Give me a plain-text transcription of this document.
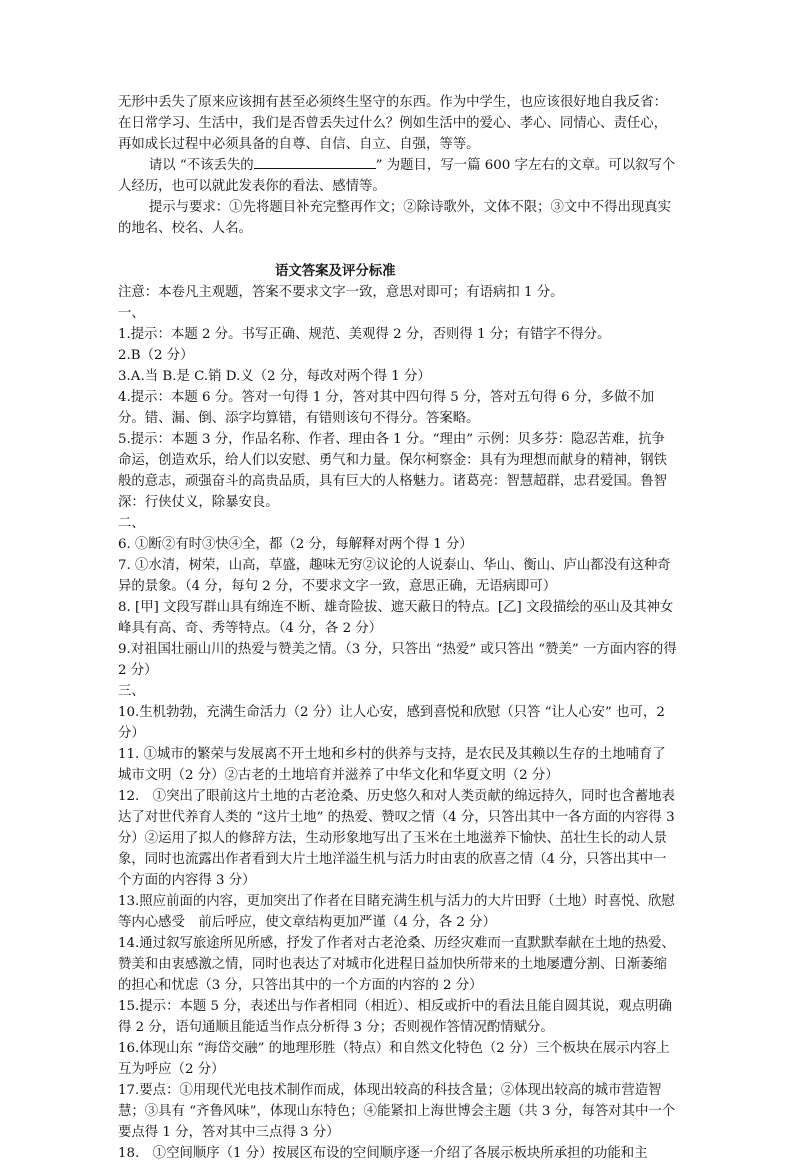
无形中丢失了原来应该拥有甚至必须终生坚守的东西。作为中学生，也应该很好地自我反省：在日常学习、生活中，我们是否曾丢失过什么？例如生活中的爱心、孝心、同情心、责任心，再如成长过程中必须具备的自尊、自信、自立、自强，等等。

请以 “不该丢失的	” 为题目，写一篇 600 字左右的文章。可以叙写个人经历，也可以就此发表你的看法、感情等。

提示与要求：①先将题目补充完整再作文；②除诗歌外，文体不限；③文中不得出现真实的地名、校名、人名。

语文答案及评分标准

注意：本卷凡主观题，答案不要求文字一致，意思对即可；有语病扣 1 分。

一、

1.提示：本题 2 分。书写正确、规范、美观得 2 分，否则得 1 分；有错字不得分。

2.B（2 分）

3.A.当 B.是 C.销 D.义（2 分，每改对两个得 1 分）

4.提示：本题 6 分。答对一句得 1 分，答对其中四句得 5 分，答对五句得 6 分，多做不加分。错、漏、倒、添字均算错，有错则该句不得分。答案略。

5.提示：本题 3 分，作品名称、作者、理由各 1 分。“理由” 示例：贝多芬：隐忍苦难，抗争命运，创造欢乐，给人们以安慰、勇气和力量。保尔柯察金：具有为理想而献身的精神，钢铁般的意志，顽强奋斗的高贵品质，具有巨大的人格魅力。诸葛亮：智慧超群，忠君爱国。鲁智深：行侠仗义，除暴安良。

二、

6. ①断②有时③快④全，都（2 分，每解释对两个得 1 分）

7. ①水清，树荣，山高，草盛，趣味无穷②议论的人说泰山、华山、衡山、庐山都没有这种奇异的景象。（4 分，每句 2 分，不要求文字一致，意思正确，无语病即可）

8. [甲] 文段写群山具有绵连不断、雄奇险拔、遮天蔽日的特点。[乙] 文段描绘的巫山及其神女峰具有高、奇、秀等特点。（4 分，各 2 分）

9.对祖国壮丽山川的热爱与赞美之情。（3 分，只答出 “热爱” 或只答出 “赞美” 一方面内容的得 2 分）

三、

10.生机勃勃，充满生命活力（2 分）让人心安，感到喜悦和欣慰（只答 “让人心安” 也可，2 分）

11. ①城市的繁荣与发展离不开土地和乡村的供养与支持，是农民及其赖以生存的土地哺育了城市文明（2 分）②古老的土地培育并滋养了中华文化和华夏文明（2 分）

12.　①突出了眼前这片土地的古老沧桑、历史悠久和对人类贡献的绵远持久，同时也含蓄地表达了对世代养育人类的 “这片土地” 的热爱、赞叹之情（4 分，只答出其中一各方面的内容得 3 分）②运用了拟人的修辞方法，生动形象地写出了玉米在土地滋养下愉快、茁壮生长的动人景象，同时也流露出作者看到大片土地洋溢生机与活力时由衷的欣喜之情（4 分，只答出其中一个方面的内容得 3 分）

13.照应前面的内容，更加突出了作者在目睹充满生机与活力的大片田野（土地）时喜悦、欣慰等内心感受　前后呼应，使文章结构更加严谨（4 分，各 2 分）

14.通过叙写旅途所见所感，抒发了作者对古老沧桑、历经灾难而一直默默奉献在土地的热爱、赞美和由衷感激之情，同时也表达了对城市化进程日益加快所带来的土地屡遭分割、日渐萎缩的担心和忧虑（3 分，只答出其中的一个方面的内容的 2 分）

15.提示：本题 5 分，表述出与作者相同（相近）、相反或折中的看法且能自圆其说，观点明确得 2 分，语句通顺且能适当作点分析得 3 分；否则视作答情况酌情赋分。

16.体现山东 “海岱交融” 的地理形胜（特点）和自然文化特色（2 分）三个板块在展示内容上互为呼应（2 分）

17.要点：①用现代光电技术制作而成，体现出较高的科技含量；②体现出较高的城市营造智慧；③具有 “齐鲁风味”，体现山东特色；④能紧扣上海世博会主题（共 3 分，每答对其中一个要点得 1 分，答对其中三点得 3 分）

18.　①空间顺序（1 分）按展区布设的空间顺序逐一介绍了各展示板块所承担的功能和主
